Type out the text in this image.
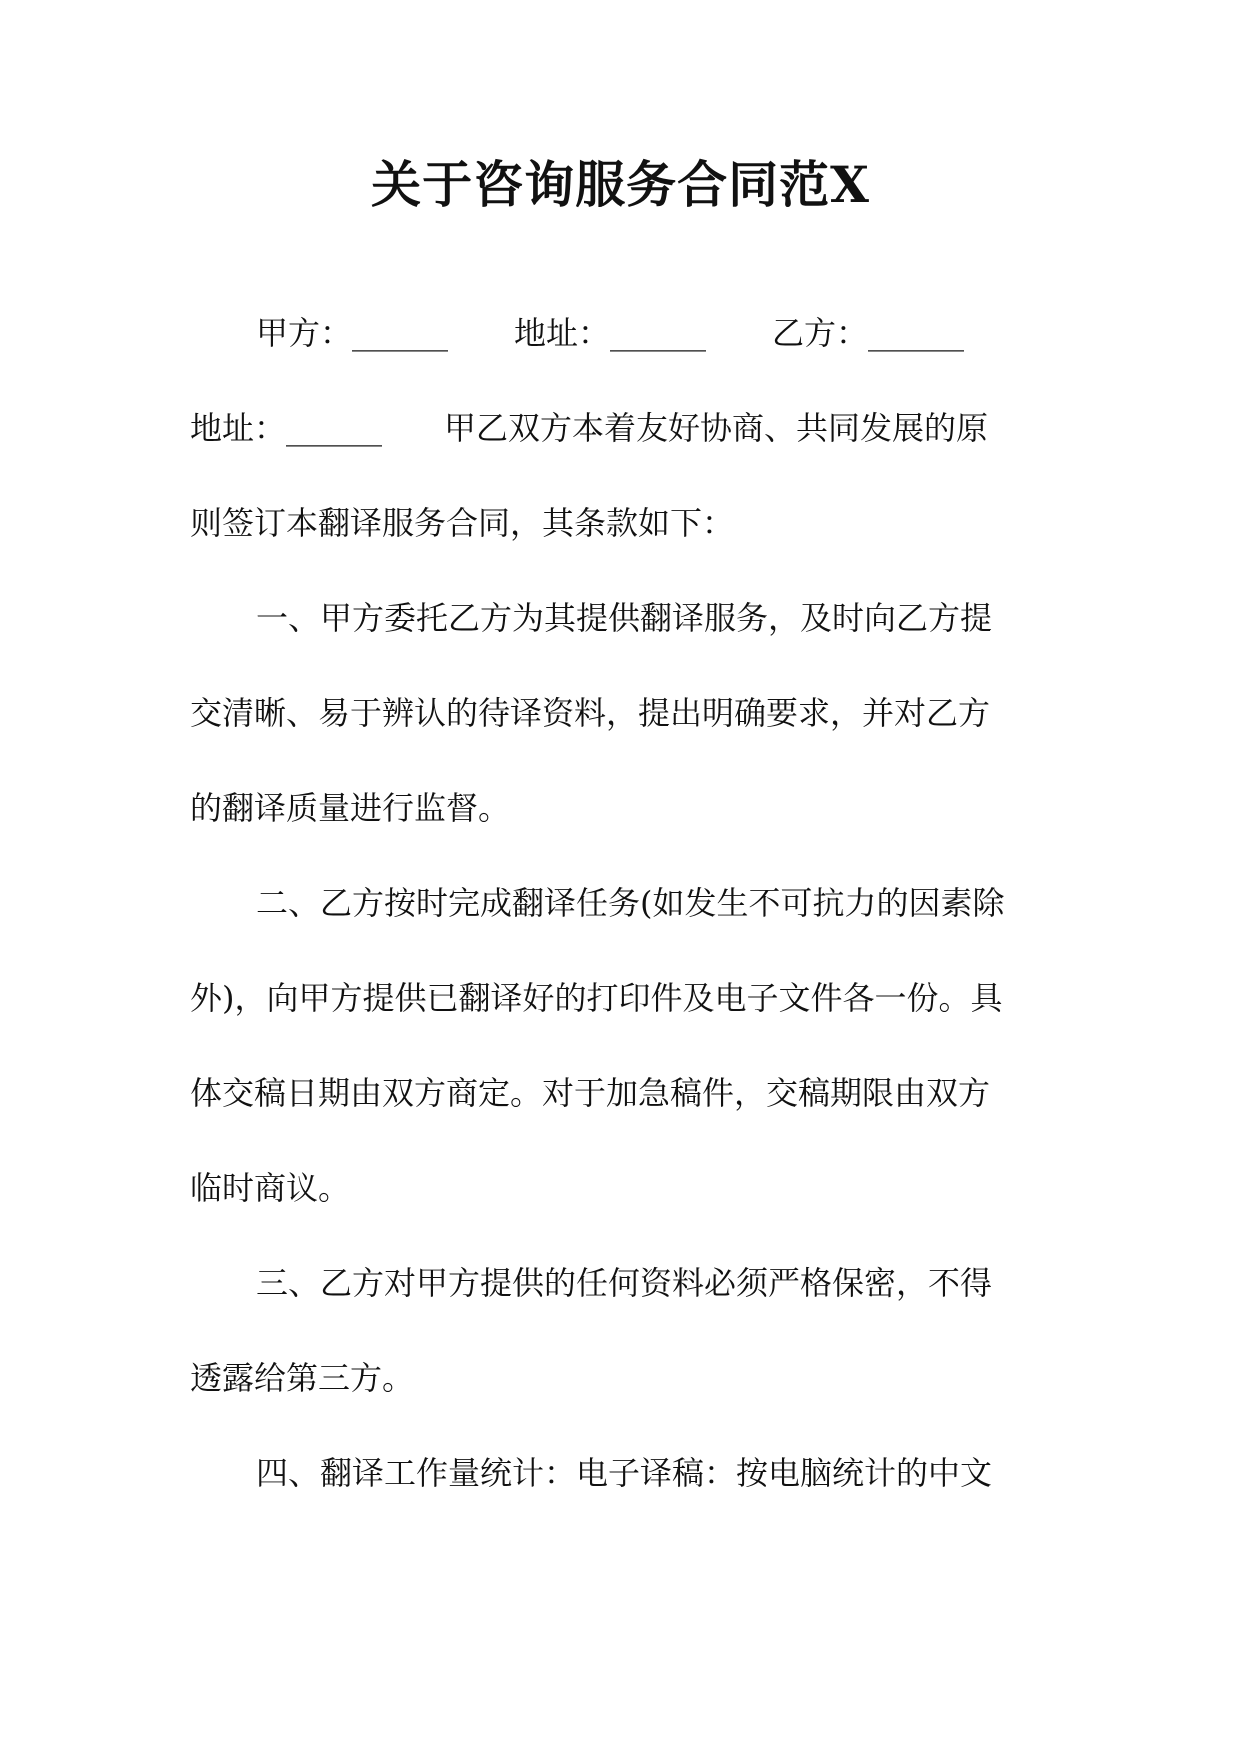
关于咨询服务合同范X
甲方：______ 地址：______ 乙方：______
地址：______ 甲乙双方本着友好协商、共同发展的原
则签订本翻译服务合同，其条款如下：
一、甲方委托乙方为其提供翻译服务，及时向乙方提
交清晰、易于辨认的待译资料，提出明确要求，并对乙方
的翻译质量进行监督。
二、乙方按时完成翻译任务(如发生不可抗力的因素除
外)，向甲方提供已翻译好的打印件及电子文件各一份。具
体交稿日期由双方商定。对于加急稿件，交稿期限由双方
临时商议。
三、乙方对甲方提供的任何资料必须严格保密，不得
透露给第三方。
四、翻译工作量统计：电子译稿：按电脑统计的中文
